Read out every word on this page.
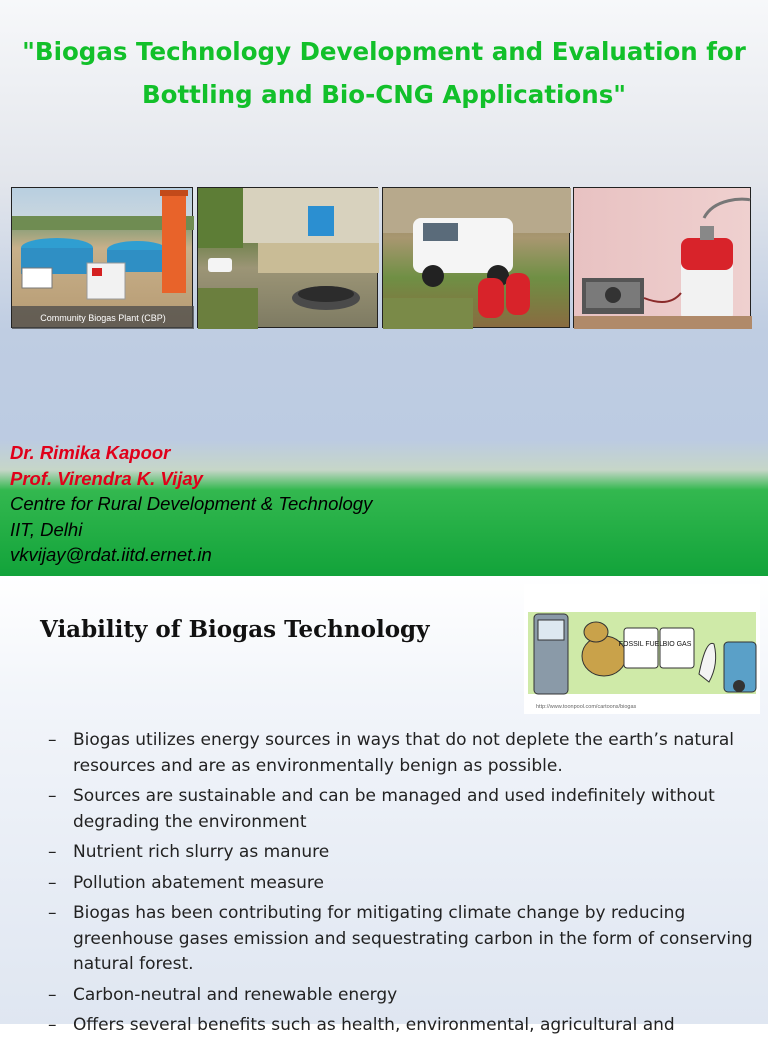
"Biogas Technology Development and Evaluation for
Bottling and Bio-CNG Applications"
Community Biogas Plant (CBP)
Dr. Rimika Kapoor
Prof. Virendra K. Vijay
Centre for Rural Development & Technology
IIT, Delhi
vkvijay@rdat.iitd.ernet.in
Viability of Biogas Technology
FOSSIL FUEL BIO GAS
http://www.toonpool.com/cartoons/biogas
– Biogas utilizes energy sources in ways that do not deplete the earth’s natural resources and are as environmentally benign as possible.
– Sources are sustainable and can be managed and used indefinitely without degrading the environment
– Nutrient rich slurry as manure
– Pollution abatement measure
– Biogas has been contributing for mitigating climate change by reducing greenhouse gases emission and sequestrating carbon in the form of conserving natural forest.
– Carbon-neutral and renewable energy
– Offers several benefits such as health, environmental, agricultural and
